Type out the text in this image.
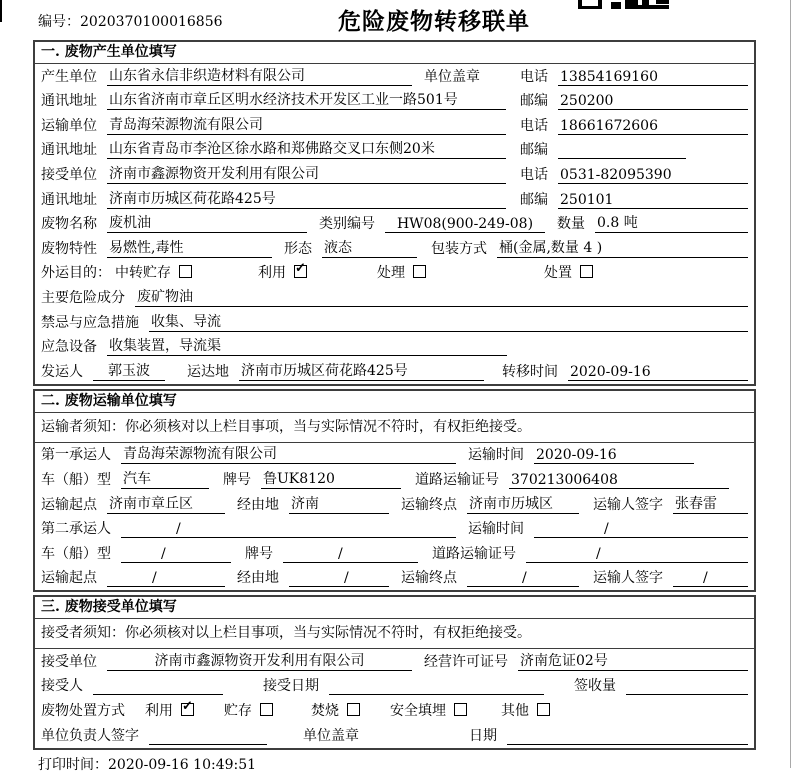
编号：2020370100016856	危险废物转移联单
一. 废物产生单位填写
产生单位 山东省永信非织造材料有限公司	单位盖章	电话 13854169160
通讯地址 山东省济南市章丘区明水经济技术开发区工业一路501号	邮编 250200
运输单位 青岛海荣源物流有限公司	电话 18661672606
通讯地址 山东省青岛市李沧区徐水路和郑佛路交叉口东侧20米	邮编
接受单位 济南市鑫源物资开发利用有限公司	电话 0531-82095390
通讯地址 济南市历城区荷花路425号	邮编 250101
废物名称 废机油	类别编号	HW08(900-249-08)	数量 0.8 吨
废物特性 易燃性,毒性	形态 液态	包装方式 桶(金属,数量 4 )
外运目的： 中转贮存	利用 ✓	处理	处置
主要危险成分 废矿物油
禁忌与应急措施 收集、导流
应急设备 收集装置，导流渠
发运人	郭玉波	运达地 济南市历城区荷花路425号	转移时间 2020-09-16
二. 废物运输单位填写
运输者须知：你必须核对以上栏目事项，当与实际情况不符时，有权拒绝接受。
第一承运人 青岛海荣源物流有限公司	运输时间 2020-09-16
车（船）型 汽车	牌号 鲁UK8120	道路运输证号 370213006408
运输起点 济南市章丘区	经由地 济南	运输终点 济南市历城区	运输人签字 张春雷
第二承运人	/	运输时间	/
车（船）型	/	牌号	/	道路运输证号	/
运输起点	/	经由地	/	运输终点	/	运输人签字	/
三. 废物接受单位填写
接受者须知：你必须核对以上栏目事项，当与实际情况不符时，有权拒绝接受。
接受单位	济南市鑫源物资开发利用有限公司	经营许可证号 济南危证02号
接受人	接受日期	签收量
废物处置方式 利用 ✓	贮存	焚烧	安全填埋	其他
单位负责人签字	单位盖章	日期
打印时间：2020-09-16 10:49:51
